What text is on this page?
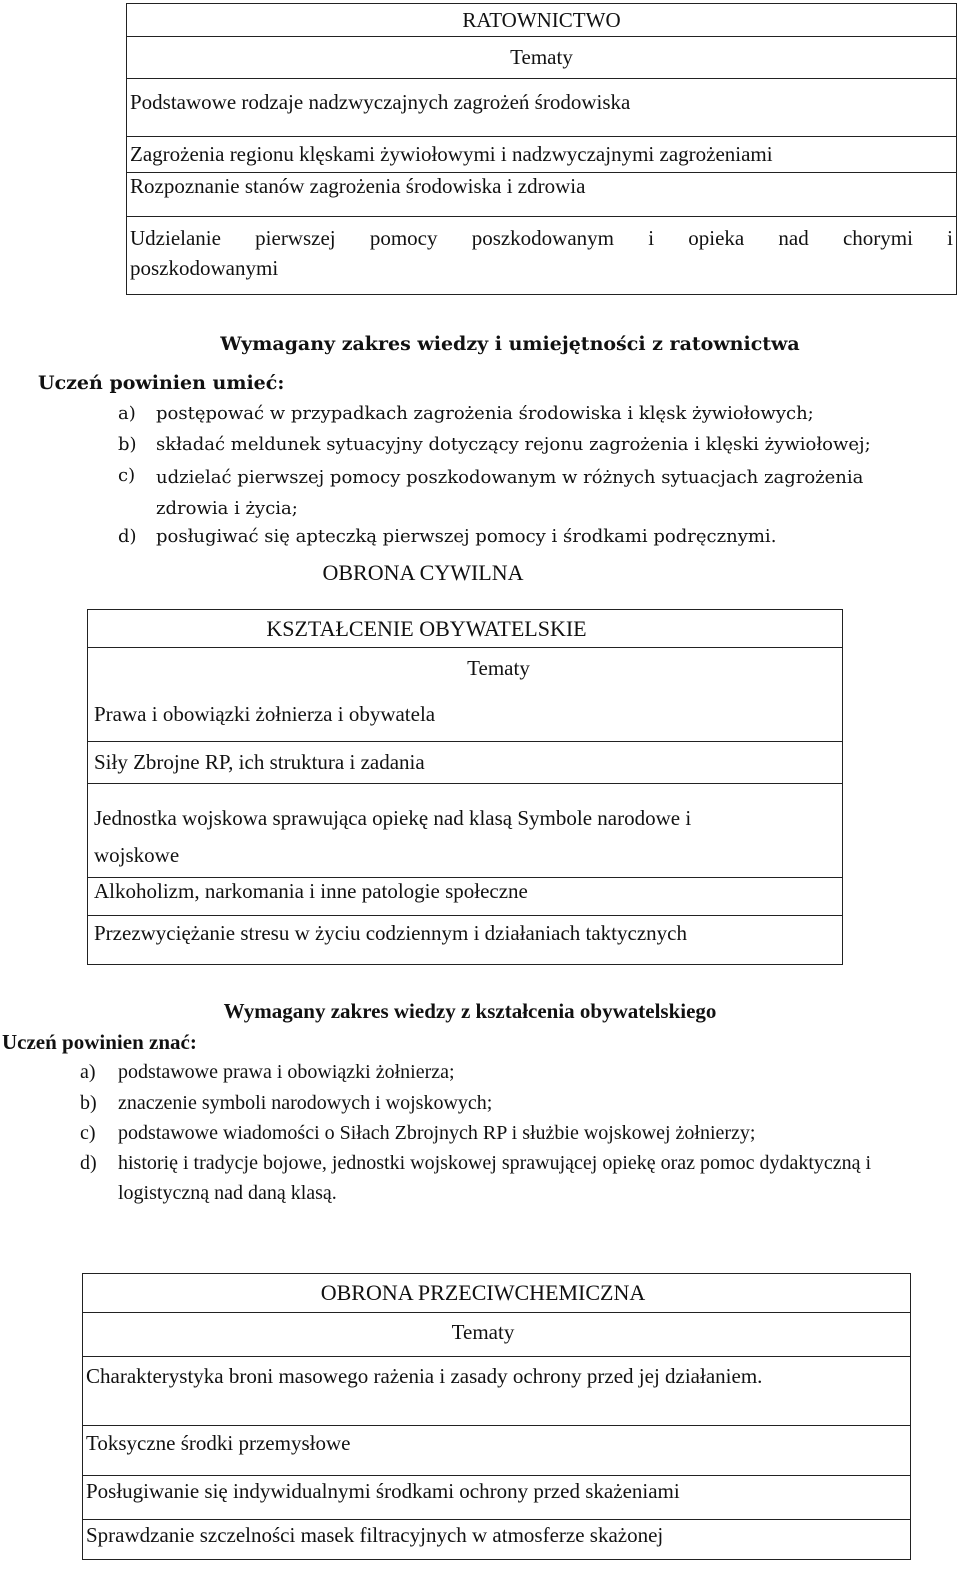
RATOWNICTWO
Tematy
Podstawowe rodzaje nadzwyczajnych zagrożeń środowiska
Zagrożenia regionu klęskami żywiołowymi i nadzwyczajnymi zagrożeniami
Rozpoznanie stanów zagrożenia środowiska i zdrowia
Udzielanie pierwszej pomocy poszkodowanym i opieka nad chorymi i poszkodowanymi
Wymagany zakres wiedzy i umiejętności z ratownictwa
Uczeń powinien umieć:
a) postępować w przypadkach zagrożenia środowiska i klęsk żywiołowych;
b) składać meldunek sytuacyjny dotyczący rejonu zagrożenia i klęski żywiołowej;
c) udzielać pierwszej pomocy poszkodowanym w różnych sytuacjach zagrożenia zdrowia i życia;
d) posługiwać się apteczką pierwszej pomocy i środkami podręcznymi.
OBRONA CYWILNA
KSZTAŁCENIE OBYWATELSKIE
Tematy
Prawa i obowiązki żołnierza i obywatela
Siły Zbrojne RP, ich struktura i zadania
Jednostka wojskowa sprawująca opiekę nad klasą Symbole narodowe i
wojskowe
Alkoholizm, narkomania i inne patologie społeczne
Przezwyciężanie stresu w życiu codziennym i działaniach taktycznych
Wymagany zakres wiedzy z kształcenia obywatelskiego
Uczeń powinien znać:
a) podstawowe prawa i obowiązki żołnierza;
b) znaczenie symboli narodowych i wojskowych;
c) podstawowe wiadomości o Siłach Zbrojnych RP i służbie wojskowej żołnierzy;
d) historię i tradycje bojowe, jednostki wojskowej sprawującej opiekę oraz pomoc dydaktyczną i logistyczną nad daną klasą.
OBRONA PRZECIWCHEMICZNA
Tematy
Charakterystyka broni masowego rażenia i zasady ochrony przed jej działaniem.
Toksyczne środki przemysłowe
Posługiwanie się indywidualnymi środkami ochrony przed skażeniami
Sprawdzanie szczelności masek filtracyjnych w atmosferze skażonej
